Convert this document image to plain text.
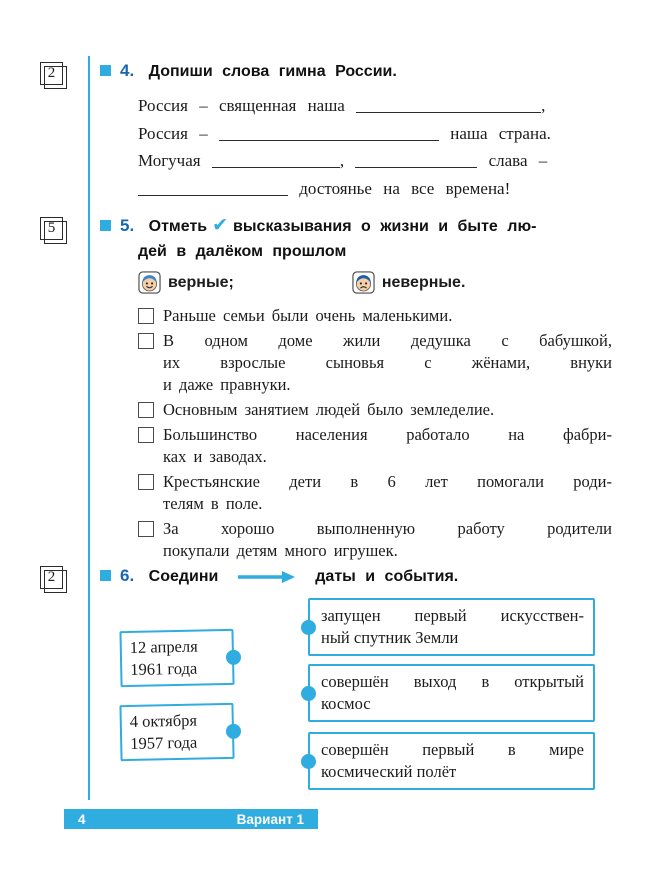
2
5
2
4. Допиши слова гимна России.
Россия – священная наша	,
Россия –	наша страна.
Могучая	,	слава –
достоянье на все времена!
5. Отметь ✔ высказывания о жизни и быте лю-
дей в далёком прошлом
верные;	неверные.
Раньше семьи были очень маленькими.
В одном доме жили дедушка с бабушкой,
их взрослые сыновья с жёнами, внуки
и даже правнуки.
Основным занятием людей было земледелие.
Большинство населения работало на фабри-
ках и заводах.
Крестьянские дети в 6 лет помогали роди-
телям в поле.
За хорошо выполненную работу родители
покупали детям много игрушек.
6. Соедини	даты и события.
запущен первый искусствен-
ный спутник Земли
12 апреля
1961 года
совершён выход в открытый
космос
4 октября
1957 года	совершён первый в мире
космический полёт
4	Вариант 1
